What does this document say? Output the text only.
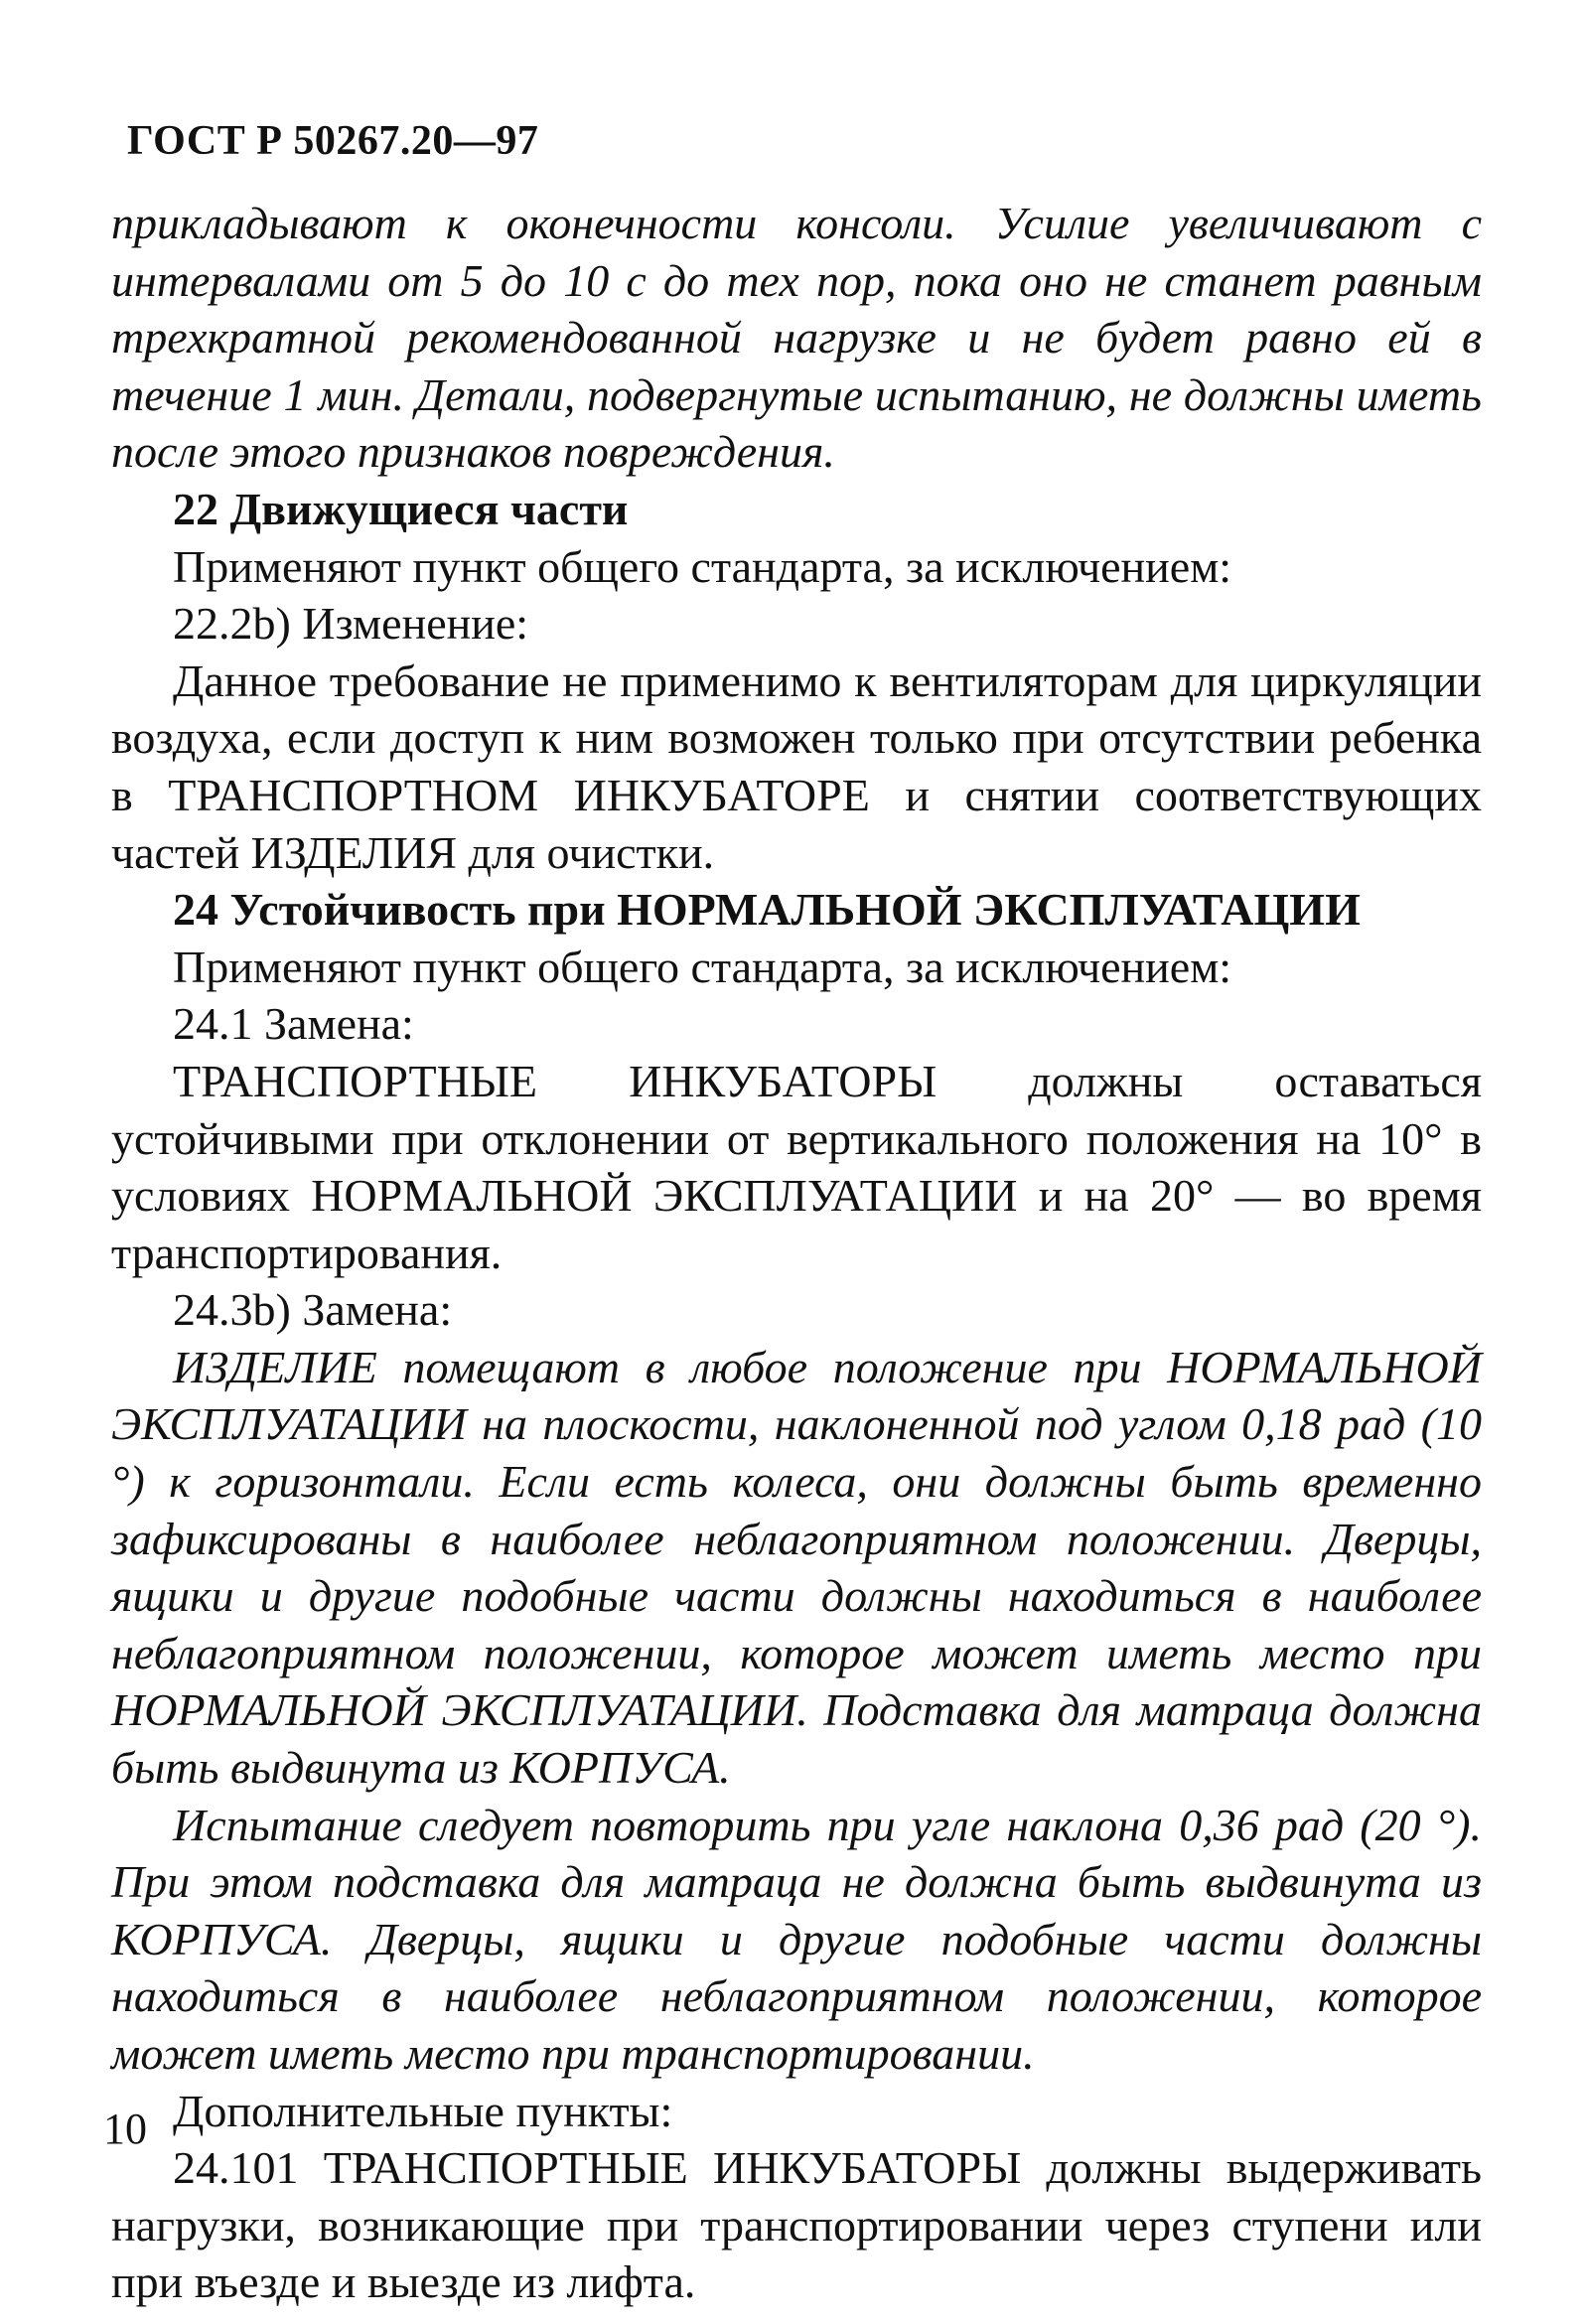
ГОСТ Р 50267.20—97

прикладывают к оконечности консоли. Усилие увеличивают с интервалами от 5 до 10 с до тех пор, пока оно не станет равным трехкратной рекомендованной нагрузке и не будет равно ей в течение 1 мин. Детали, подвергнутые испытанию, не должны иметь после этого признаков повреждения.

22 Движущиеся части

Применяют пункт общего стандарта, за исключением:

22.2b) Изменение:

Данное требование не применимо к вентиляторам для циркуляции воздуха, если доступ к ним возможен только при отсутствии ребенка в ТРАНСПОРТНОМ ИНКУБАТОРЕ и снятии соответствующих частей ИЗДЕЛИЯ для очистки.

24 Устойчивость при НОРМАЛЬНОЙ ЭКСПЛУАТАЦИИ

Применяют пункт общего стандарта, за исключением:

24.1 Замена:

ТРАНСПОРТНЫЕ ИНКУБАТОРЫ должны оставаться устойчивыми при отклонении от вертикального положения на 10° в условиях НОРМАЛЬНОЙ ЭКСПЛУАТАЦИИ и на 20° — во время транспортирования.

24.3b) Замена:

ИЗДЕЛИЕ помещают в любое положение при НОРМАЛЬНОЙ ЭКСПЛУАТАЦИИ на плоскости, наклоненной под углом 0,18 рад (10 °) к горизонтали. Если есть колеса, они должны быть временно зафиксированы в наиболее неблагоприятном положении. Дверцы, ящики и другие подобные части должны находиться в наиболее неблагоприятном положении, которое может иметь место при НОРМАЛЬНОЙ ЭКСПЛУАТАЦИИ. Подставка для матраца должна быть выдвинута из КОРПУСА.

Испытание следует повторить при угле наклона 0,36 рад (20 °). При этом подставка для матраца не должна быть выдвинута из КОРПУСА. Дверцы, ящики и другие подобные части должны находиться в наиболее неблагоприятном положении, которое может иметь место при транспортировании.

Дополнительные пункты:

24.101 ТРАНСПОРТНЫЕ ИНКУБАТОРЫ должны выдерживать нагрузки, возникающие при транспортировании через ступени или при въезде и выезде из лифта.

10
